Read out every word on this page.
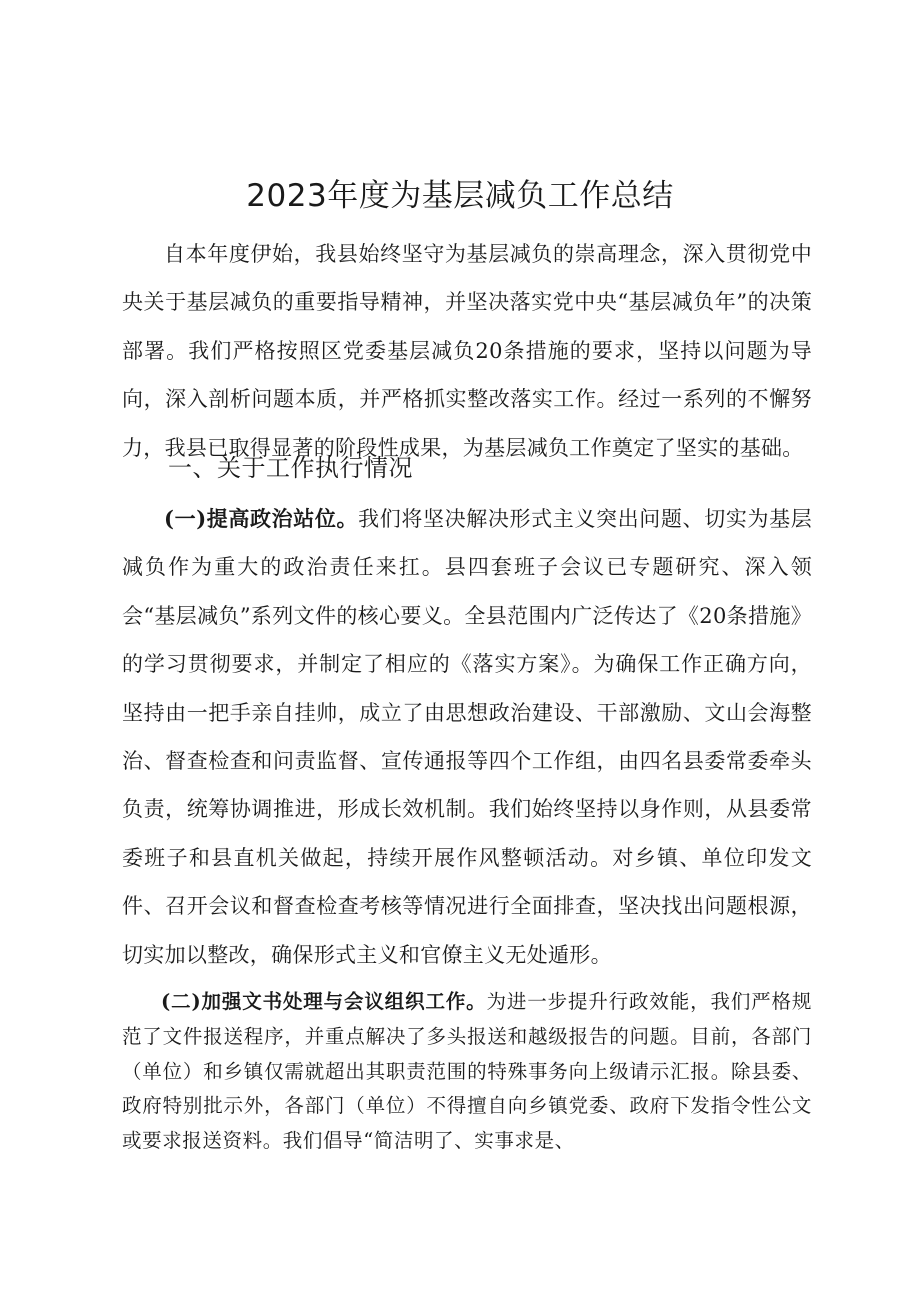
2023年度为基层减负工作总结

自本年度伊始，我县始终坚守为基层减负的崇高理念，深入贯彻党中央关于基层减负的重要指导精神，并坚决落实党中央“基层减负年”的决策部署。我们严格按照区党委基层减负20条措施的要求，坚持以问题为导向，深入剖析问题本质，并严格抓实整改落实工作。经过一系列的不懈努力，我县已取得显著的阶段性成果，为基层减负工作奠定了坚实的基础。

一、关于工作执行情况

(一)提高政治站位。我们将坚决解决形式主义突出问题、切实为基层减负作为重大的政治责任来扛。县四套班子会议已专题研究、深入领会“基层减负”系列文件的核心要义。全县范围内广泛传达了《20条措施》的学习贯彻要求，并制定了相应的《落实方案》。为确保工作正确方向，坚持由一把手亲自挂帅，成立了由思想政治建设、干部激励、文山会海整治、督查检查和问责监督、宣传通报等四个工作组，由四名县委常委牵头负责，统筹协调推进，形成长效机制。我们始终坚持以身作则，从县委常委班子和县直机关做起，持续开展作风整顿活动。对乡镇、单位印发文件、召开会议和督查检查考核等情况进行全面排查，坚决找出问题根源，切实加以整改，确保形式主义和官僚主义无处遁形。

(二)加强文书处理与会议组织工作。为进一步提升行政效能，我们严格规范了文件报送程序，并重点解决了多头报送和越级报告的问题。目前，各部门（单位）和乡镇仅需就超出其职责范围的特殊事务向上级请示汇报。除县委、政府特别批示外，各部门（单位）不得擅自向乡镇党委、政府下发指令性公文或要求报送资料。我们倡导“简洁明了、实事求是、
